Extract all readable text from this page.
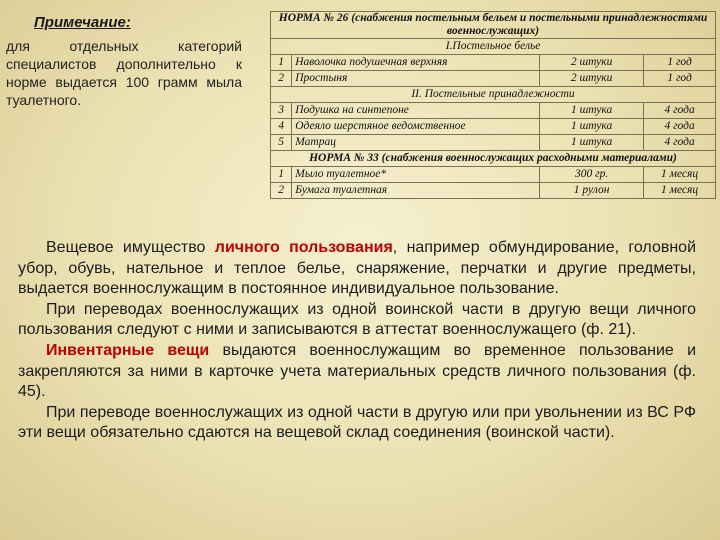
Примечание:
для отдельных категорий специалистов дополнительно к норме выдается 100 грамм мыла туалетного.
НОРМА № 26 (снабжения постельным бельем и постельными принадлежностями военнослужащих)			
I.Постельное белье			
1	Наволочка подушечная верхняя	2 штуки	1 год
2	Простыня	2 штуки	1 год
II. Постельные принадлежности			
3	Подушка на синтепоне	1 штука	4 года
4	Одеяло шерстяное ведомственное	1 штука	4 года
5	Матрац	1 штука	4 года
НОРМА № 33 (снабжения военнослужащих расходными материалами)			
1	Мыло туалетное*	300 гр.	1 месяц
2	Бумага туалетная	1 рулон	1 месяц

Вещевое имущество личного пользования, например обмундирование, головной убор, обувь, нательное и теплое белье, снаряжение, перчатки и другие предметы, выдается военнослужащим в постоянное индивидуальное пользование.

При переводах военнослужащих из одной воинской части в другую вещи личного пользования следуют с ними и записываются в аттестат военнослужащего (ф. 21).

Инвентарные вещи выдаются военнослужащим во временное пользование и закрепляются за ними в карточке учета материальных средств личного пользования (ф. 45).

При переводе военнослужащих из одной части в другую или при увольнении из ВС РФ эти вещи обязательно сдаются на вещевой склад соединения (воинской части).
